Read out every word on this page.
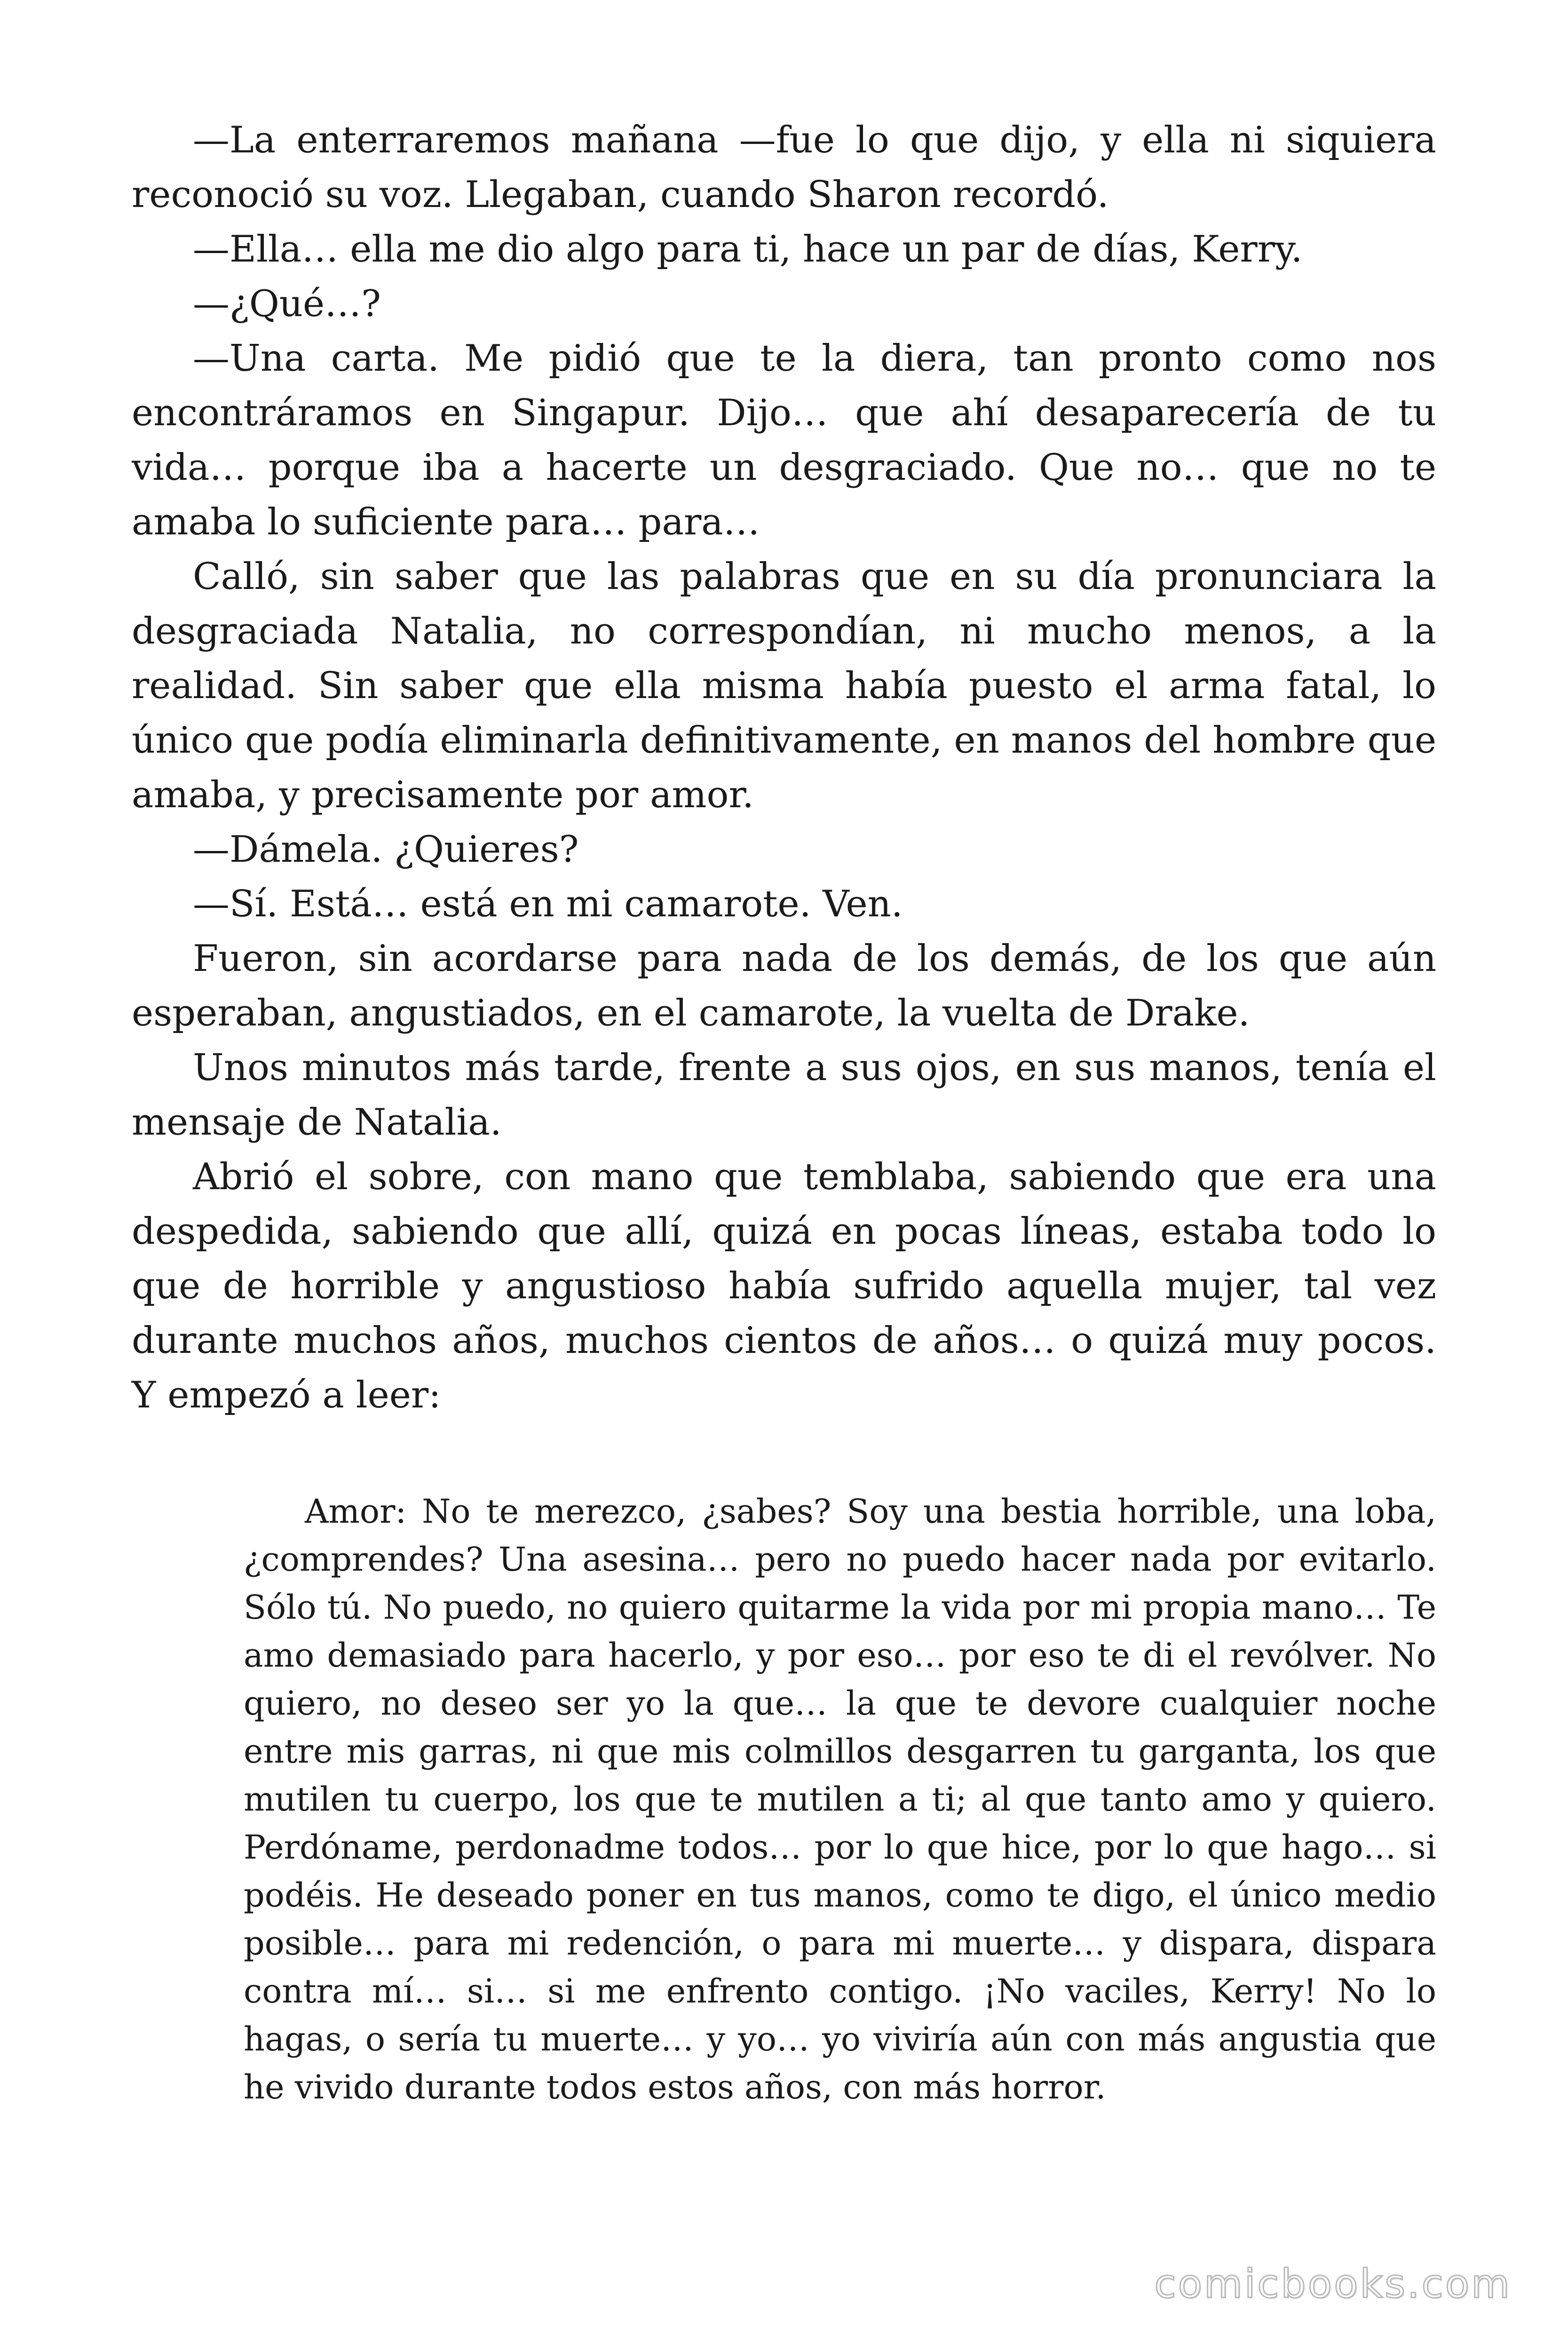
—La enterraremos mañana —fue lo que dijo, y ella ni siquiera reconoció su voz. Llegaban, cuando Sharon recordó.

—Ella… ella me dio algo para ti, hace un par de días, Kerry.

—¿Qué…?

—Una carta. Me pidió que te la diera, tan pronto como nos encontráramos en Singapur. Dijo… que ahí desaparecería de tu vida… porque iba a hacerte un desgraciado. Que no… que no te amaba lo suficiente para… para…

Calló, sin saber que las palabras que en su día pronunciara la desgraciada Natalia, no correspondían, ni mucho menos, a la realidad. Sin saber que ella misma había puesto el arma fatal, lo único que podía eliminarla definitivamente, en manos del hombre que amaba, y precisamente por amor.

—Dámela. ¿Quieres?

—Sí. Está… está en mi camarote. Ven.

Fueron, sin acordarse para nada de los demás, de los que aún esperaban, angustiados, en el camarote, la vuelta de Drake.

Unos minutos más tarde, frente a sus ojos, en sus manos, tenía el mensaje de Natalia.

Abrió el sobre, con mano que temblaba, sabiendo que era una despedida, sabiendo que allí, quizá en pocas líneas, estaba todo lo que de horrible y angustioso había sufrido aquella mujer, tal vez durante muchos años, muchos cientos de años… o quizá muy pocos. Y empezó a leer:

Amor: No te merezco, ¿sabes? Soy una bestia horrible, una loba, ¿comprendes? Una asesina… pero no puedo hacer nada por evitarlo. Sólo tú. No puedo, no quiero quitarme la vida por mi propia mano… Te amo demasiado para hacerlo, y por eso… por eso te di el revólver. No quiero, no deseo ser yo la que… la que te devore cualquier noche entre mis garras, ni que mis colmillos desgarren tu garganta, los que mutilen tu cuerpo, los que te mutilen a ti; al que tanto amo y quiero. Perdóname, perdonadme todos… por lo que hice, por lo que hago… si podéis. He deseado poner en tus manos, como te digo, el único medio posible… para mi redención, o para mi muerte… y dispara, dispara contra mí… si… si me enfrento contigo. ¡No vaciles, Kerry! No lo hagas, o sería tu muerte… y yo… yo viviría aún con más angustia que he vivido durante todos estos años, con más horror.

comicbooks.com
